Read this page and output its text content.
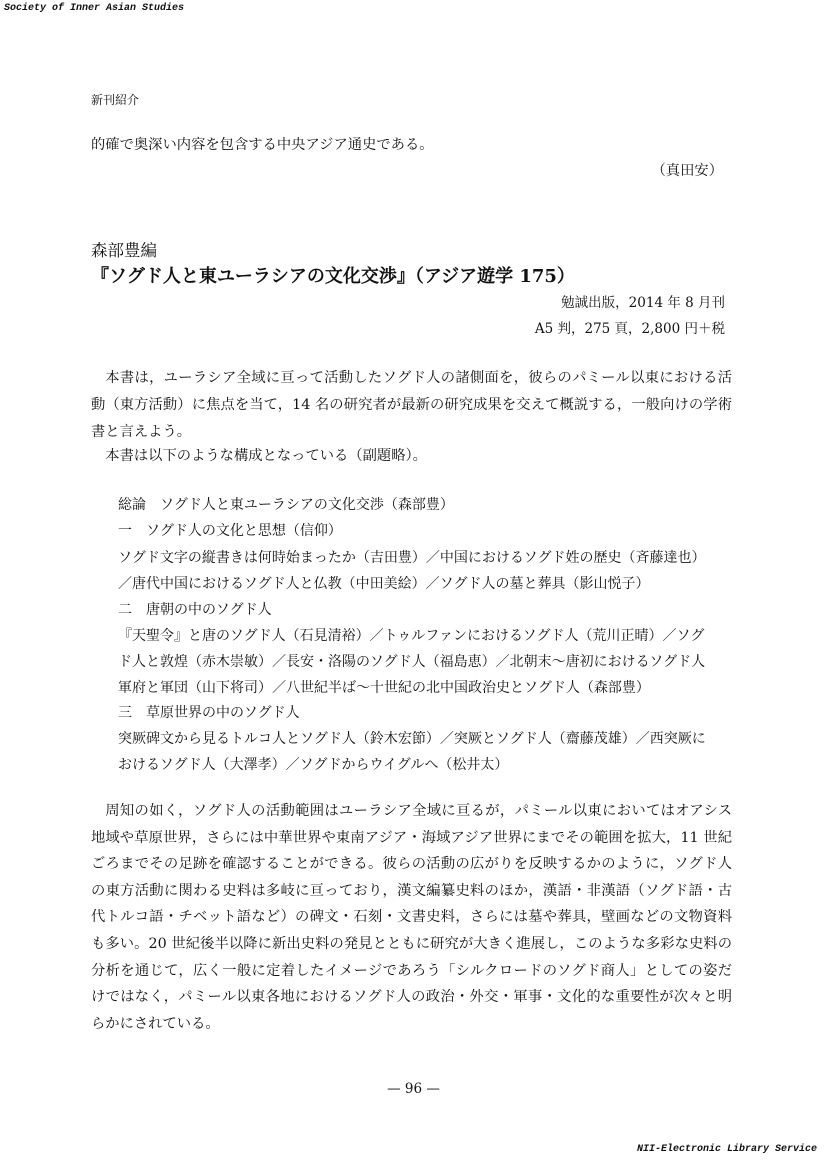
Society of Inner Asian Studies
新刊紹介
的確で奥深い内容を包含する中央アジア通史である。
（真田安）
森部豊編
『ソグド人と東ユーラシアの文化交渉』（アジア遊学 175）
勉誠出版，2014 年 8 月刊
A5 判，275 頁，2,800 円＋税

本書は，ユーラシア全域に亘って活動したソグド人の諸側面を，彼らのパミール以東における活動（東方活動）に焦点を当て，14 名の研究者が最新の研究成果を交えて概説する，一般向けの学術書と言えよう。

本書は以下のような構成となっている（副題略）。

総論　ソグド人と東ユーラシアの文化交渉（森部豊）
一　ソグド人の文化と思想（信仰）
ソグド文字の縦書きは何時始まったか（吉田豊）／中国におけるソグド姓の歴史（斉藤達也）
／唐代中国におけるソグド人と仏教（中田美絵）／ソグド人の墓と葬具（影山悦子）
二　唐朝の中のソグド人
『天聖令』と唐のソグド人（石見清裕）／トゥルファンにおけるソグド人（荒川正晴）／ソグ
ド人と敦煌（赤木崇敏）／長安・洛陽のソグド人（福島恵）／北朝末～唐初におけるソグド人
軍府と軍団（山下将司）／八世紀半ば～十世紀の北中国政治史とソグド人（森部豊）
三　草原世界の中のソグド人
突厥碑文から見るトルコ人とソグド人（鈴木宏節）／突厥とソグド人（齋藤茂雄）／西突厥に
おけるソグド人（大澤孝）／ソグドからウイグルへ（松井太）

周知の如く，ソグド人の活動範囲はユーラシア全域に亘るが，パミール以東においてはオアシス地域や草原世界，さらには中華世界や東南アジア・海域アジア世界にまでその範囲を拡大，11 世紀ごろまでその足跡を確認することができる。彼らの活動の広がりを反映するかのように，ソグド人の東方活動に関わる史料は多岐に亘っており，漢文編纂史料のほか，漢語・非漢語（ソグド語・古代トルコ語・チベット語など）の碑文・石刻・文書史料，さらには墓や葬具，壁画などの文物資料も多い。20 世紀後半以降に新出史料の発見とともに研究が大きく進展し，このような多彩な史料の分析を通じて，広く一般に定着したイメージであろう「シルクロードのソグド商人」としての姿だけではなく，パミール以東各地におけるソグド人の政治・外交・軍事・文化的な重要性が次々と明らかにされている。

— 96 —
NII-Electronic Library Service
